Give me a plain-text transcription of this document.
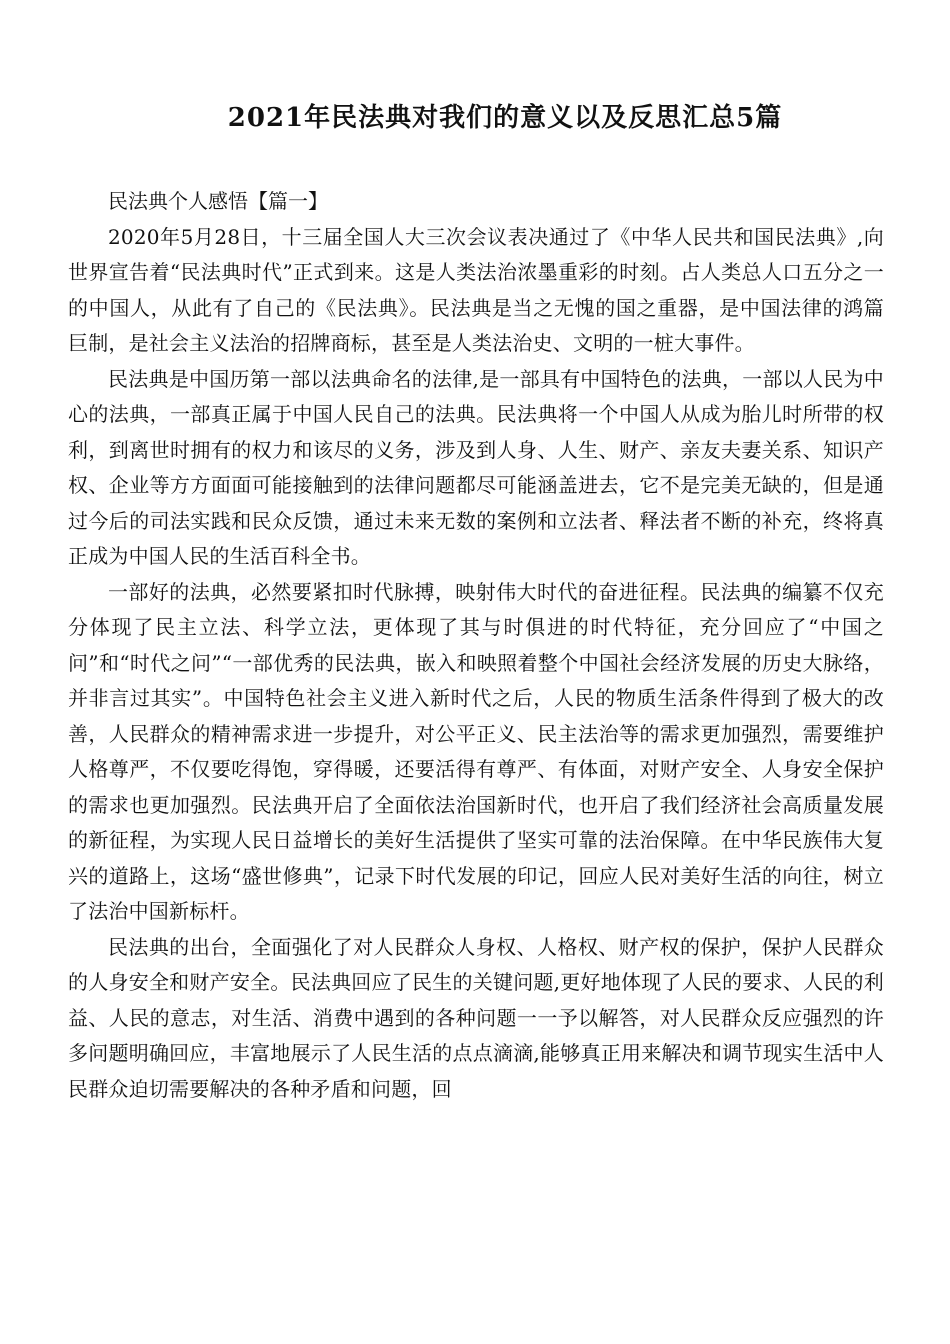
2021年民法典对我们的意义以及反思汇总5篇

民法典个人感悟【篇一】

2020年5月28日，十三届全国人大三次会议表决通过了《中华人民共和国民法典》,向世界宣告着“民法典时代”正式到来。这是人类法治浓墨重彩的时刻。占人类总人口五分之一的中国人，从此有了自己的《民法典》。民法典是当之无愧的国之重器，是中国法律的鸿篇巨制，是社会主义法治的招牌商标，甚至是人类法治史、文明的一桩大事件。

民法典是中国历第一部以法典命名的法律,是一部具有中国特色的法典，一部以人民为中心的法典，一部真正属于中国人民自己的法典。民法典将一个中国人从成为胎儿时所带的权利，到离世时拥有的权力和该尽的义务，涉及到人身、人生、财产、亲友夫妻关系、知识产权、企业等方方面面可能接触到的法律问题都尽可能涵盖进去，它不是完美无缺的，但是通过今后的司法实践和民众反馈，通过未来无数的案例和立法者、释法者不断的补充，终将真正成为中国人民的生活百科全书。

一部好的法典，必然要紧扣时代脉搏，映射伟大时代的奋进征程。民法典的编纂不仅充分体现了民主立法、科学立法，更体现了其与时俱进的时代特征，充分回应了“中国之问”和“时代之问”“一部优秀的民法典，嵌入和映照着整个中国社会经济发展的历史大脉络，并非言过其实”。中国特色社会主义进入新时代之后，人民的物质生活条件得到了极大的改善，人民群众的精神需求进一步提升，对公平正义、民主法治等的需求更加强烈，需要维护人格尊严，不仅要吃得饱，穿得暖，还要活得有尊严、有体面，对财产安全、人身安全保护的需求也更加强烈。民法典开启了全面依法治国新时代，也开启了我们经济社会高质量发展的新征程，为实现人民日益增长的美好生活提供了坚实可靠的法治保障。在中华民族伟大复兴的道路上，这场“盛世修典”，记录下时代发展的印记，回应人民对美好生活的向往，树立了法治中国新标杆。

民法典的出台，全面强化了对人民群众人身权、人格权、财产权的保护，保护人民群众的人身安全和财产安全。民法典回应了民生的关键问题,更好地体现了人民的要求、人民的利益、人民的意志，对生活、消费中遇到的各种问题一一予以解答，对人民群众反应强烈的许多问题明确回应，丰富地展示了人民生活的点点滴滴,能够真正用来解决和调节现实生活中人民群众迫切需要解决的各种矛盾和问题，回
